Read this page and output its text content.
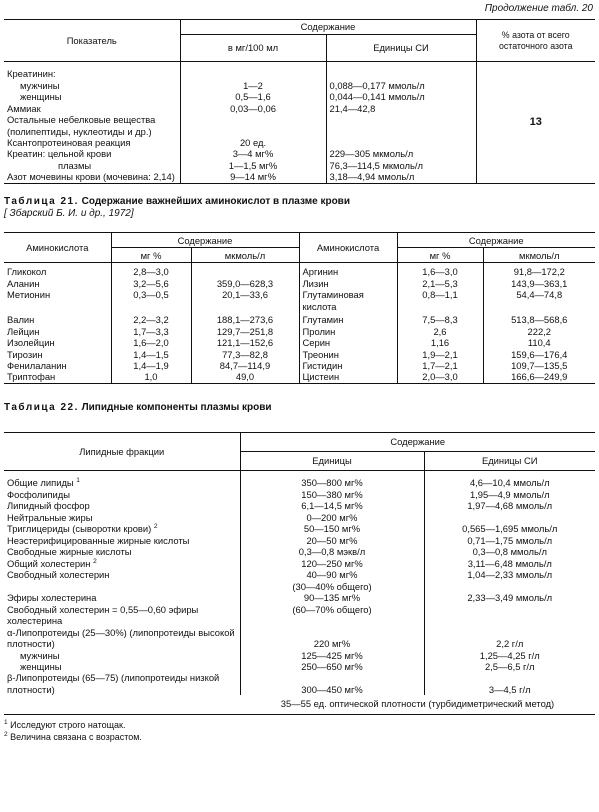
Продолжение табл. 20
Показатель	Содержание		% азота от всего остаточного азота
	в мг/100 мл	Единицы СИ	
Креатинин:			13
мужчины	1—2	0,088—0,177 ммоль/л	
женщины	0,5—1,6	0,044—0,141 ммоль/л	
Аммиак	0,03—0,06	21,4—42,8	
Остальные небелковые вещества (полипептиды, нуклеотиды и др.)			
Ксантопротеиновая реакция	20 ед.		
Креатин: цельной крови	3—4 мг%	229—305 мкмоль/л	
плазмы	1—1,5 мг%	76,3—114,5 мкмоль/л	
Азот мочевины крови (мочевина: 2,14)	9—14 мг%	3,18—4,94 ммоль/л	
Таблица 21. Содержание важнейших аминокислот в плазме крови
[ Збарский Б. И. и др., 1972]
Аминокислота	Содержание		Аминокислота	Содержание	
	мг %	мкмоль/л		мг %	мкмоль/л
Гликокол	2,8—3,0		Аргинин	1,6—3,0	91,8—172,2
Аланин	3,2—5,6	359,0—628,3	Лизин	2,1—5,3	143,9—363,1
Метионин	0,3—0,5	20,1—33,6	Глутаминовая кислота	0,8—1,1	54,4—74,8
Валин	2,2—3,2	188,1—273,6	Глутамин	7,5—8,3	513,8—568,6
Лейцин	1,7—3,3	129,7—251,8	Пролин	2,6	222,2
Изолейцин	1,6—2,0	121,1—152,6	Серин	1,16	110,4
Тирозин	1,4—1,5	77,3—82,8	Треонин	1,9—2,1	159,6—176,4
Фенилаланин	1,4—1,9	84,7—114,9	Гистидин	1,7—2,1	109,7—135,5
Триптофан	1,0	49,0	Цистеин	2,0—3,0	166,6—249,9
Таблица 22. Липидные компоненты плазмы крови
Липидные фракции	Содержание	
	Единицы	Единицы СИ
Общие липиды $^1$	350—800 мг%	4,6—10,4 ммоль/л
Фосфолипиды	150—380 мг%	1,95—4,9 ммоль/л
Липидный фосфор	6,1—14,5 мг%	1,97—4,68 ммоль/л
Нейтральные жиры	0—200 мг%	
Триглицериды (сыворотки крови) $^2$	50—150 мг%	0,565—1,695 ммоль/л
Неэстерифицированные жирные кислоты	20—50 мг%	0,71—1,75 ммоль/л
Свободные жирные кислоты	0,3—0,8 мэкв/л	0,3—0,8 ммоль/л
Общий холестерин $^2$	120—250 мг%	3,11—6,48 ммоль/л
Свободный холестерин	40—90 мг%	1,04—2,33 ммоль/л
	(30—40% общего)	
Эфиры холестерина	90—135 мг%	2,33—3,49 ммоль/л
Свободный холестерин = 0,55—0,60 эфиры холестерина	(60—70% общего)	
α-Липопротеиды (25—30%) (липопротеиды высокой плотности)	220 мг%	2,2 г/л
мужчины	125—425 мг%	1,25—4,25 г/л
женщины	250—650 мг%	2,5—6,5 г/л
β-Липопротеиды (65—75) (липопротеиды низкой плотности)	300—450 мг%	3—4,5 г/л
	35—55 ед. оптической плотности (турбидиметрический метод)	
$^1$ Исследуют строго натощак.
$^2$ Величина связана с возрастом.
